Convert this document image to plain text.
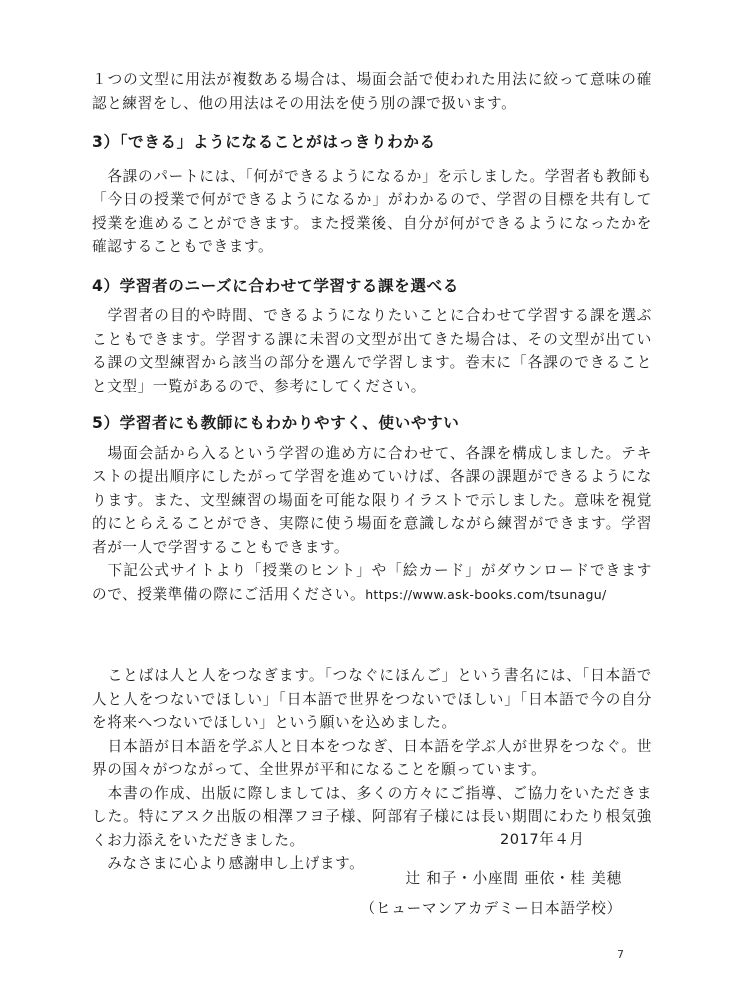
１つの文型に用法が複数ある場合は、場面会話で使われた用法に絞って意味の確認と練習をし、他の用法はその用法を使う別の課で扱います。

3）「できる」ようになることがはっきりわかる

　各課のパートには、「何ができるようになるか」を示しました。学習者も教師も「今日の授業で何ができるようになるか」がわかるので、学習の目標を共有して授業を進めることができます。また授業後、自分が何ができるようになったかを確認することもできます。

4）学習者のニーズに合わせて学習する課を選べる

　学習者の目的や時間、できるようになりたいことに合わせて学習する課を選ぶこともできます。学習する課に未習の文型が出てきた場合は、その文型が出ている課の文型練習から該当の部分を選んで学習します。巻末に「各課のできることと文型」一覧があるので、参考にしてください。

5）学習者にも教師にもわかりやすく、使いやすい

　場面会話から入るという学習の進め方に合わせて、各課を構成しました。テキストの提出順序にしたがって学習を進めていけば、各課の課題ができるようになります。また、文型練習の場面を可能な限りイラストで示しました。意味を視覚的にとらえることができ、実際に使う場面を意識しながら練習ができます。学習者が一人で学習することもできます。

　下記公式サイトより「授業のヒント」や「絵カード」がダウンロードできますので、授業準備の際にご活用ください。https://www.ask-books.com/tsunagu/

　ことばは人と人をつなぎます。「つなぐにほんご」という書名には、「日本語で人と人をつないでほしい」「日本語で世界をつないでほしい」「日本語で今の自分を将来へつないでほしい」という願いを込めました。

　日本語が日本語を学ぶ人と日本をつなぎ、日本語を学ぶ人が世界をつなぐ。世界の国々がつながって、全世界が平和になることを願っています。

　本書の作成、出版に際しましては、多くの方々にご指導、ご協力をいただきました。特にアスク出版の相澤フヨ子様、阿部宥子様には長い期間にわたり根気強くお力添えをいただきました。

　みなさまに心より感謝申し上げます。

2017年４月
辻 和子・小座間 亜依・桂 美穂
（ヒューマンアカデミー日本語学校）
7
